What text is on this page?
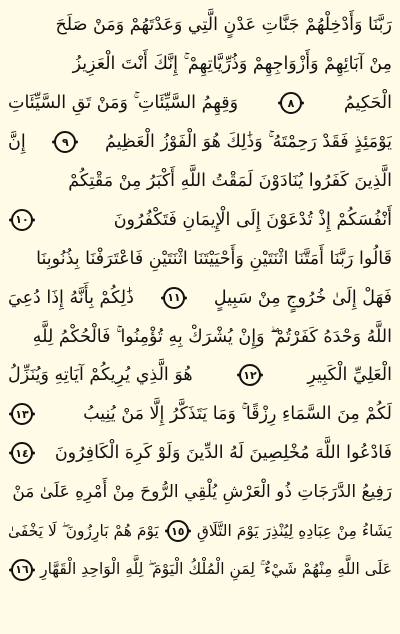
رَبَّنَا وَأَدْخِلْهُمْ جَنَّاتِ عَدْنٍ الَّتِي وَعَدْتَهُمْ وَمَنْ صَلَحَ
مِنْ آبَائِهِمْ وَأَزْوَاجِهِمْ وَذُرِّيَّاتِهِمْ ۚ إِنَّكَ أَنْتَ الْعَزِيزُ
الْحَكِيمُ
٨
وَقِهِمُ السَّيِّئَاتِ ۚ وَمَنْ تَقِ السَّيِّئَاتِ
يَوْمَئِذٍ فَقَدْ رَحِمْتَهُ ۚ وَذَٰلِكَ هُوَ الْفَوْزُ الْعَظِيمُ
٩
إِنَّ
الَّذِينَ كَفَرُوا يُنَادَوْنَ لَمَقْتُ اللَّهِ أَكْبَرُ مِنْ مَقْتِكُمْ
أَنْفُسَكُمْ إِذْ تُدْعَوْنَ إِلَى الْإِيمَانِ فَتَكْفُرُونَ
١٠
قَالُوا رَبَّنَا أَمَتَّنَا اثْنَتَيْنِ وَأَحْيَيْتَنَا اثْنَتَيْنِ فَاعْتَرَفْنَا بِذُنُوبِنَا
فَهَلْ إِلَىٰ خُرُوجٍ مِنْ سَبِيلٍ
١١
ذَٰلِكُمْ بِأَنَّهُ إِذَا دُعِيَ
اللَّهُ وَحْدَهُ كَفَرْتُمْ ۖ وَإِنْ يُشْرَكْ بِهِ تُؤْمِنُوا ۚ فَالْحُكْمُ لِلَّهِ
الْعَلِيِّ الْكَبِيرِ
١٢
هُوَ الَّذِي يُرِيكُمْ آيَاتِهِ وَيُنَزِّلُ
لَكُمْ مِنَ السَّمَاءِ رِزْقًا ۚ وَمَا يَتَذَكَّرُ إِلَّا مَنْ يُنِيبُ
١٣
فَادْعُوا اللَّهَ مُخْلِصِينَ لَهُ الدِّينَ وَلَوْ كَرِهَ الْكَافِرُونَ
١٤
رَفِيعُ الدَّرَجَاتِ ذُو الْعَرْشِ يُلْقِي الرُّوحَ مِنْ أَمْرِهِ عَلَىٰ مَنْ
يَشَاءُ مِنْ عِبَادِهِ لِيُنْذِرَ يَوْمَ التَّلَاقِ
١٥
يَوْمَ هُمْ بَارِزُونَ ۖ لَا يَخْفَىٰ
عَلَى اللَّهِ مِنْهُمْ شَيْءٌ ۚ لِمَنِ الْمُلْكُ الْيَوْمَ ۖ لِلَّهِ الْوَاحِدِ الْقَهَّارِ
١٦
